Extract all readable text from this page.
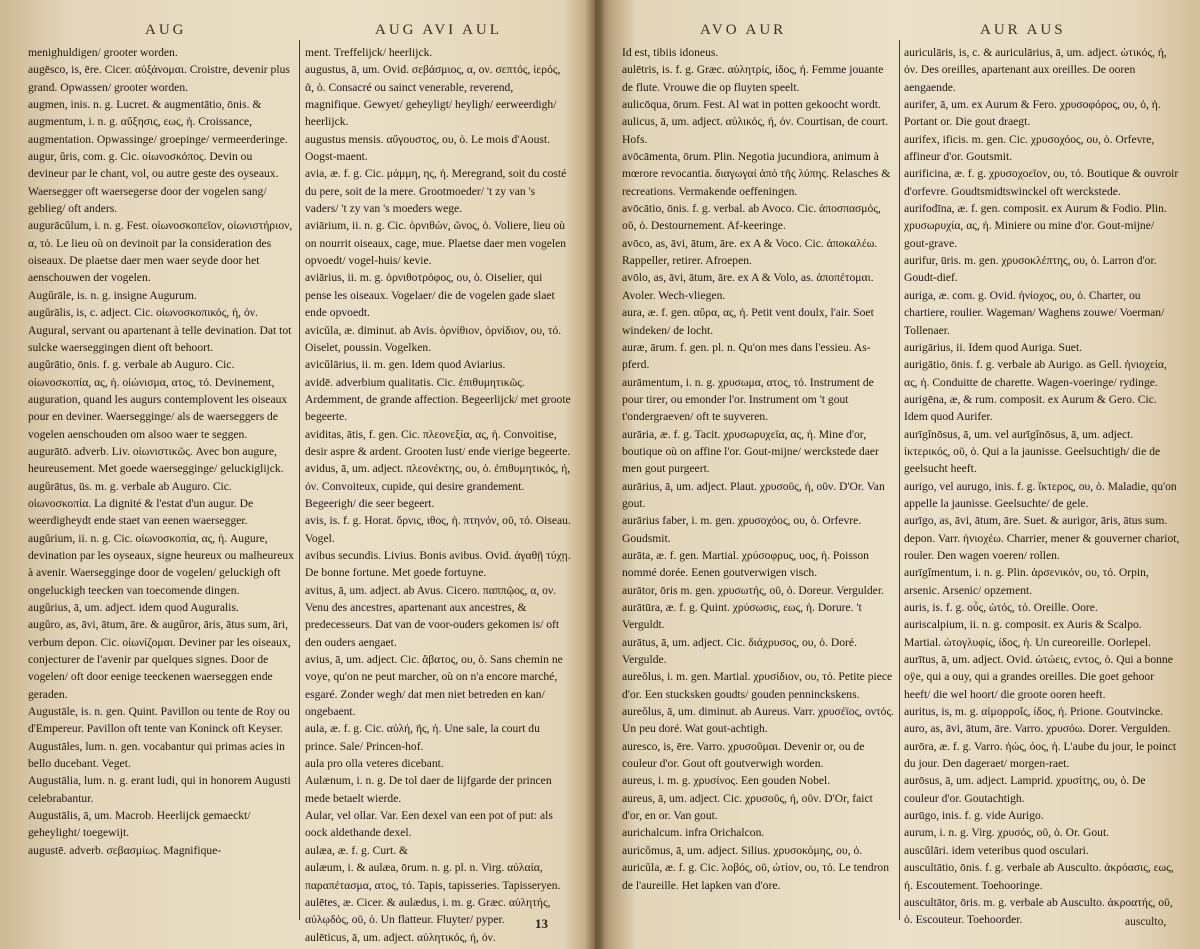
AUG	AUG AVI AUL
menighuldigen/ grooter worden.
augēsco, is, ēre. Cicer. αὐξάνομαι. Croistre, devenir plus grand. Opwassen/ grooter worden.
augmen, inis. n. g. Lucret. & augmentātio, ōnis. & augmentum, i. n. g. αὔξησις, εως, ἡ. Croissance, augmentation. Opwassinge/ groepinge/ vermeerderinge.
augur, ŭris, com. g. Cic. οἰωνοσκόπος. Devin ou devineur par le chant, vol, ou autre geste des oyseaux. Waersegger oft waersegerse door der vogelen sang/ geblieg/ oft anders.
augurācŭlum, i. n. g. Fest. οἰωνοσκοπεῖον, οἰωνιστήριον, α, τό. Le lieu où on devinoit par la consideration des oiseaux. De plaetse daer men waer seyde door het aenschouwen der vogelen.
Augŭrāle, is. n. g. insigne Augurum.
augŭrālis, is, c. adject. Cic. οἰωνοσκοπικός, ἡ, όν. Augural, servant ou apartenant à telle devination. Dat tot sulcke waerseggingen dient oft behoort.
augŭrātio, ōnis. f. g. verbale ab Auguro. Cic. οἰωνοσκοπία, ας, ἡ. οἰώνισμα, ατος, τό. Devinement, auguration, quand les augurs contemplovent les oiseaux pour en deviner. Waersegginge/ als de waerseggers de vogelen aenschouden om alsoo waer te seggen.
augurātō. adverb. Liv. οἰωνιστικῶς. Avec bon augure, heureusement. Met goede waersegginge/ geluckiglijck.
augŭrātus, ūs. m. g. verbale ab Auguro. Cic. οἰωνοσκοπία. La dignité & l'estat d'un augur. De weerdigheydt ende staet van eenen waersegger.
augŭrium, ii. n. g. Cic. οἰωνοσκοπία, ας, ἡ. Augure, devination par les oyseaux, signe heureux ou malheureux à avenir. Waersegginge door de vogelen/ geluckigh oft ongeluckigh teecken van toecomende dingen.
augŭrius, ā, um. adject. idem quod Auguralis.
augŭro, as, āvi, ātum, āre. & augŭror, āris, ātus sum, āri, verbum depon. Cic. οἰωνίζομαι. Deviner par les oiseaux, conjecturer de l'avenir par quelques signes. Door de vogelen/ oft door eenige teeckenen waerseggen ende geraden.
Augustāle, is. n. gen. Quint. Pavillon ou tente de Roy ou d'Empereur. Pavillon oft tente van Koninck oft Keyser.
Augustāles, lum. n. gen. vocabantur qui primas acies in bello ducebant. Veget.
Augustālia, lum. n. g. erant ludi, qui in honorem Augusti celebrabantur.
Augustālis, ā, um. Macrob. Heerlijck gemaeckt/ geheylight/ toegewijt.
augustē. adverb. σεβασμίως. Magnifique-
ment. Treffelijck/ heerlijck.
augustus, ā, um. Ovid. σεβάσμιος, α, ον. σεπτός, ἱερός, ᾶ, ὀ. Consacré ou sainct venerable, reverend, magnifique. Gewyet/ geheyligt/ heyligh/ eerweerdigh/ heerlijck.
augustus mensis. αὔγουστος, ου, ὁ. Le mois d'Aoust. Oogst-maent.
avia, æ. f. g. Cic. μάμμη, ης, ἡ. Meregrand, soit du costé du pere, soit de la mere. Grootmoeder/ 't zy van 's vaders/ 't zy van 's moeders wege.
aviārium, ii. n. g. Cic. ὀρνιθών, ῶνος, ὁ. Voliere, lieu où on nourrit oiseaux, cage, mue. Plaetse daer men vogelen opvoedt/ vogel-huis/ kevie.
aviārius, ii. m. g. ὀρνιθοτρόφος, ου, ὁ. Oiselier, qui pense les oiseaux. Vogelaer/ die de vogelen gade slaet ende opvoedt.
avicŭla, æ. diminut. ab Avis. ὀρνίθιον, ὀρνίδιον, ου, τό. Oiselet, poussin. Vogelken.
avicŭlārius, ii. m. gen. Idem quod Aviarius.
avidē. adverbium qualitatis. Cic. ἐπιθυμητικῶς. Ardemment, de grande affection. Begeerlijck/ met groote begeerte.
aviditas, ātis, f. gen. Cic. πλεονεξία, ας, ἡ. Convoitise, desir aspre & ardent. Grooten lust/ ende vierige begeerte.
avidus, ā, um. adject. πλεονέκτης, ου, ὁ. ἐπιθυμητικός, ή, όν. Convoiteux, cupide, qui desire grandement. Begeerigh/ die seer begeert.
avis, is. f. g. Horat. ὄρνις, ιθος, ἡ. πτηνόν, οῦ, τό. Oiseau. Vogel.
avibus secundis. Livius. Bonis avibus. Ovid. ἀγαθῇ τύχῃ. De bonne fortune. Met goede fortuyne.
avitus, ā, um. adject. ab Avus. Cicero. παππῷος, α, ον. Venu des ancestres, apartenant aux ancestres, & predecesseurs. Dat van de voor-ouders gekomen is/ oft den ouders aengaet.
avius, ā, um. adject. Cic. ἄβατος, ου, ὁ. Sans chemin ne voye, qu'on ne peut marcher, où on n'a encore marché, esgaré. Zonder wegh/ dat men niet betreden en kan/ ongebaent.
aula, æ. f. g. Cic. αὐλή, ῆς, ἡ. Une sale, la court du prince. Sale/ Princen-hof.
aula pro olla veteres dicebant.
Aulænum, i. n. g. De tol daer de lijfgarde der princen mede betaelt wierde.
Aular, vel ollar. Var. Een dexel van een pot of put: als oock aldethande dexel.
aulæa, æ. f. g. Curt. &
aulæum, i. & aulæa, ōrum. n. g. pl. n. Virg. αὐλαία, παραπέτασμα, ατος, τό. Tapis, tapisseries. Tapisseryen.
aulētes, æ. Cicer. & aulædus, i. m. g. Græc. αὐλητής, αὐλῳδός, οῦ, ὁ. Un flatteur. Fluyter/ pyper.
aulēticus, ā, um. adject. αὐλητικός, ή, όν.
13
AVO AUR	AUR AUS
Id est, tibiis idoneus.
aulētris, is. f. g. Græc. αὐλητρίς, ίδος, ἡ. Femme jouante de flute. Vrouwe die op fluyten speelt.
aulicōqua, ōrum. Fest. Al wat in potten gekoocht wordt.
aulicus, ā, um. adject. αὐλικός, ή, όν. Courtisan, de court. Hofs.
avōcāmenta, ōrum. Plin. Negotia jucundiora, animum à mœrore revocantia. διαγωγαί ἀπό τῆς λύπης. Relasches & recreations. Vermakende oeffeningen.
avōcātio, ōnis. f. g. verbal. ab Avoco. Cic. ἀποσπασμός, οῦ, ὁ. Destournement. Af-keeringe.
avōco, as, āvi, ātum, āre. ex A & Voco. Cic. ἀποκαλέω. Rappeller, retirer. Afroepen.
avōlo, as, āvi, ātum, āre. ex A & Volo, as. ἀποπέτομαι. Avoler. Wech-vliegen.
aura, æ. f. gen. αὔρα, ας, ἡ. Petit vent doulx, l'air. Soet windeken/ de locht.
auræ, ārum. f. gen. pl. n. Qu'on mes dans l'essieu. As-pferd.
aurāmentum, i. n. g. χρυσωμα, ατος, τό. Instrument de pour tirer, ou emonder l'or. Instrument om 't gout t'ondergraeven/ oft te suyveren.
aurāria, æ. f. g. Tacit. χρυσωρυχεῖα, ας, ἡ. Mine d'or, boutique où on affine l'or. Gout-mijne/ werckstede daer men gout purgeert.
aurārius, ā, um. adject. Plaut. χρυσοῦς, ή, οῦν. D'Or. Van gout.
aurārius faber, i. m. gen. χρυσοχόος, ου, ὁ. Orfevre. Goudsmit.
aurāta, æ. f. gen. Martial. χρύσοφρυς, υος, ἡ. Poisson nommé dorée. Eenen goutverwigen visch.
aurātor, ōris m. gen. χρυσωτής, οῦ, ὁ. Doreur. Vergulder.
aurātūra, æ. f. g. Quint. χρύσωσις, εως, ἡ. Dorure. 't Verguldt.
aurātus, ā, um. adject. Cic. διάχρυσος, ου, ὁ. Doré. Vergulde.
aureŏlus, i. m. gen. Martial. χρυσίδιον, ου, τό. Petite piece d'or. Een stucksken goudts/ gouden penninckskens.
aureŏlus, ā, um. diminut. ab Aureus. Varr. χρυσέϊος, οντός. Un peu doré. Wat gout-achtigh.
auresco, is, ēre. Varro. χρυσοῦμαι. Devenir or, ou de couleur d'or. Gout oft goutverwigh worden.
aureus, i. m. g. χρυσίνος. Een gouden Nobel.
aureus, ā, um. adject. Cic. χρυσοῦς, ή, οῦν. D'Or, faict d'or, en or. Van gout.
aurichalcum. infra Orichalcon.
auricŏmus, ā, um. adject. Silius. χρυσοκόμης, ου, ὁ.
auricŭla, æ. f. g. Cic. λοβός, οῦ, ὠτίον, ου, τό. Le tendron de l'aureille. Het lapken van d'ore.
auriculāris, is, c. & auriculārius, ā, um. adject. ὠτικός, ή, όν. Des oreilles, apartenant aux oreilles. De ooren aengaende.
aurifer, ā, um. ex Aurum & Fero. χρυσοφόρος, ου, ὁ, ἡ. Portant or. Die gout draegt.
aurifex, ificis. m. gen. Cic. χρυσοχόος, ου, ὁ. Orfevre, affineur d'or. Goutsmit.
aurificina, æ. f. g. χρυσοχοεῖον, ου, τό. Boutique & ouvroir d'orfevre. Goudtsmidtswinckel oft werckstede.
aurifodīna, æ. f. gen. composit. ex Aurum & Fodio. Plin. χρυσωρυχία, ας, ἡ. Miniere ou mine d'or. Gout-mijne/ gout-grave.
aurifur, ūris. m. gen. χρυσοκλέπτης, ου, ὁ. Larron d'or. Goudt-dief.
auriga, æ. com. g. Ovid. ἡνίοχος, ου, ὁ. Charter, ou chartiere, roulier. Wageman/ Waghens zouwe/ Voerman/ Tollenaer.
aurigārius, ii. Idem quod Auriga. Suet.
aurigātio, ōnis. f. g. verbale ab Aurigo. as Gell. ἡνιοχεία, ας, ἡ. Conduitte de charette. Wagen-voeringe/ rydinge.
aurigēna, æ, & rum. composit. ex Aurum & Gero. Cic. Idem quod Aurifer.
aurīgĭnōsus, ā, um. vel aurīgĭnōsus, ā, um. adject. ἰκτερικός, οῦ, ὁ. Qui a la jaunisse. Geelsuchtigh/ die de geelsucht heeft.
aurigo, vel aurugo, inis. f. g. ἴκτερος, ου, ὁ. Maladie, qu'on appelle la jaunisse. Geelsuchte/ de gele.
aurīgo, as, āvi, ātum, āre. Suet. & aurigor, āris, ātus sum. depon. Varr. ἡνιοχέω. Charrier, mener & gouverner chariot, rouler. Den wagen voeren/ rollen.
aurīgĭmentum, i. n. g. Plin. ἀρσενικόν, ου, τό. Orpin, arsenic. Arsenic/ opzement.
auris, is. f. g. οὖς, ὠτός, τό. Oreille. Oore.
auriscalpium, ii. n. g. composit. ex Auris & Scalpo. Martial. ὠτογλυφίς, ίδος, ἡ. Un cureoreille. Oorlepel.
aurītus, ā, um. adject. Ovid. ὠτώεις, εντος, ὁ. Qui a bonne oÿe, qui a ouy, qui a grandes oreilles. Die goet gehoor heeft/ die wel hoort/ die groote ooren heeft.
auritus, is, m. g. αἰμορροΐς, ίδος, ἡ. Prione. Goutvincke.
auro, as, āvi, ātum, āre. Varro. χρυσόω. Dorer. Vergulden.
aurōra, æ. f. g. Varro. ἠώς, όος, ἡ. L'aube du jour, le poinct du jour. Den dageraet/ morgen-raet.
aurōsus, ā, um. adject. Lamprid. χρυσίτης, ου, ὁ. De couleur d'or. Goutachtigh.
aurūgo, inis. f. g. vide Aurigo.
aurum, i. n. g. Virg. χρυσός, οῦ, ὁ. Or. Gout.
auscŭlāri. idem veteribus quod osculari.
auscultātio, ōnis. f. g. verbale ab Ausculto. ἀκρόασις, εως, ἡ. Escoutement. Toehooringe.
auscultātor, ōris. m. g. verbale ab Ausculto. ἀκροατής, οῦ, ὁ. Escouteur. Toehoorder.	ausculto,
